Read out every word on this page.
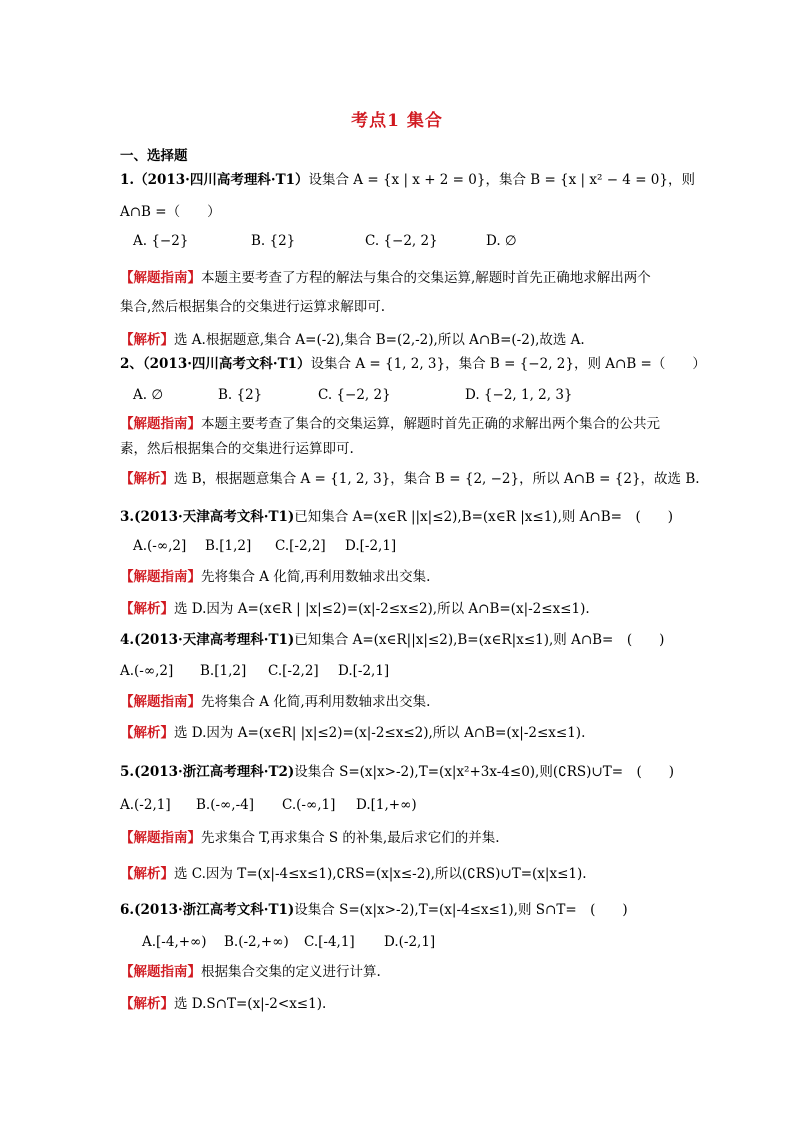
考点1 集合
一、选择题
1.（2013·四川高考理科·T1）设集合 A = {x | x + 2 = 0}，集合 B = {x | x² − 4 = 0}，则
A∩B =（　　）
A. {−2}	B. {2}	C. {−2, 2}	D. ∅
【解题指南】本题主要考查了方程的解法与集合的交集运算,解题时首先正确地求解出两个
集合,然后根据集合的交集进行运算求解即可.
【解析】选 A.根据题意,集合 A=(-2),集合 B=(2,-2),所以 A∩B=(-2),故选 A.
2、（2013·四川高考文科·T1）设集合 A = {1, 2, 3}，集合 B = {−2, 2}，则 A∩B =（　　）
A. ∅	B. {2}	C. {−2, 2}	D. {−2, 1, 2, 3}
【解题指南】本题主要考查了集合的交集运算，解题时首先正确的求解出两个集合的公共元
素，然后根据集合的交集进行运算即可.
【解析】选 B，根据题意集合 A = {1, 2, 3}，集合 B = {2, −2}，所以 A∩B = {2}，故选 B.
3.(2013·天津高考文科·T1)已知集合 A=(x∈R ||x|≤2),B=(x∈R |x≤1),则 A∩B=　(　　)
A.(-∞,2] B.[1,2] C.[-2,2] D.[-2,1]
【解题指南】先将集合 A 化简,再利用数轴求出交集.
【解析】选 D.因为 A=(x∈R | |x|≤2)=(x|-2≤x≤2),所以 A∩B=(x|-2≤x≤1).
4.(2013·天津高考理科·T1)已知集合 A=(x∈R||x|≤2),B=(x∈R|x≤1),则 A∩B=　(　　)
A.(-∞,2] B.[1,2] C.[-2,2] D.[-2,1]
【解题指南】先将集合 A 化简,再利用数轴求出交集.
【解析】选 D.因为 A=(x∈R| |x|≤2)=(x|-2≤x≤2),所以 A∩B=(x|-2≤x≤1).
5.(2013·浙江高考理科·T2)设集合 S=(x|x>-2),T=(x|x²+3x-4≤0),则(∁RS)∪T=　(　　)
A.(-2,1] B.(-∞,-4] C.(-∞,1] D.[1,+∞)
【解题指南】先求集合 T,再求集合 S 的补集,最后求它们的并集.
【解析】选 C.因为 T=(x|-4≤x≤1),∁RS=(x|x≤-2),所以(∁RS)∪T=(x|x≤1).
6.(2013·浙江高考文科·T1)设集合 S=(x|x>-2),T=(x|-4≤x≤1),则 S∩T=　(　　)
A.[-4,+∞) B.(-2,+∞) C.[-4,1] D.(-2,1]
【解题指南】根据集合交集的定义进行计算.
【解析】选 D.S∩T=(x|-2<x≤1).
